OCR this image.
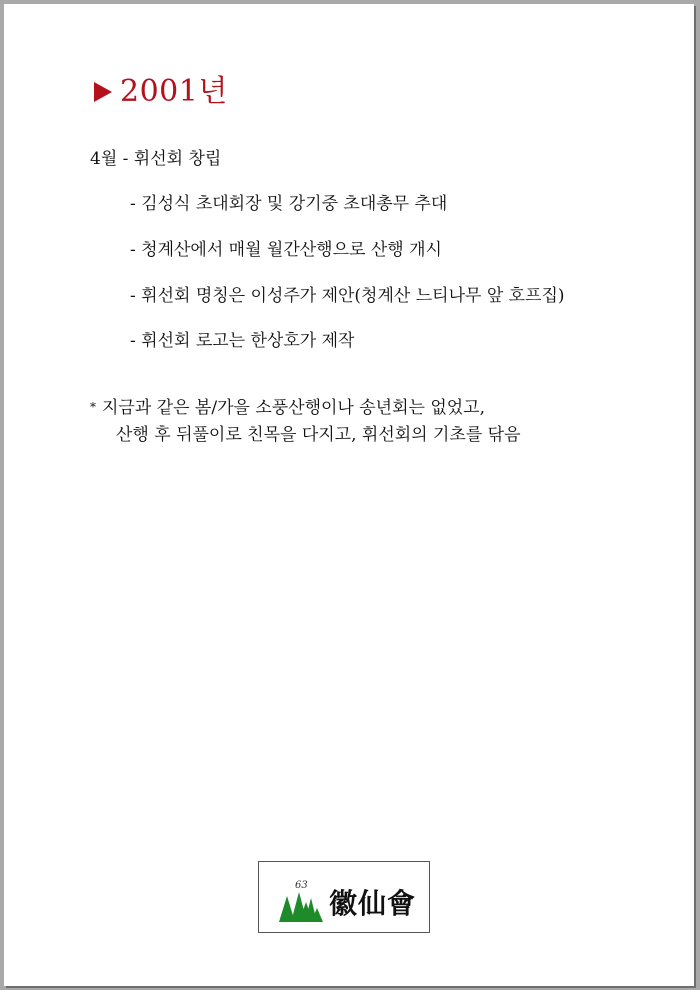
2001년
4월 - 휘선회 창립
- 김성식 초대회장 및 강기중 초대총무 추대
- 청계산에서 매월 월간산행으로 산행 개시
- 휘선회 명칭은 이성주가 제안(청계산 느티나무 앞 호프집)
- 휘선회 로고는 한상호가 제작
* 지금과 같은 봄/가을 소풍산행이나 송년회는 없었고,
산행 후 뒤풀이로 친목을 다지고, 휘선회의 기초를 닦음
63
徽仙會
